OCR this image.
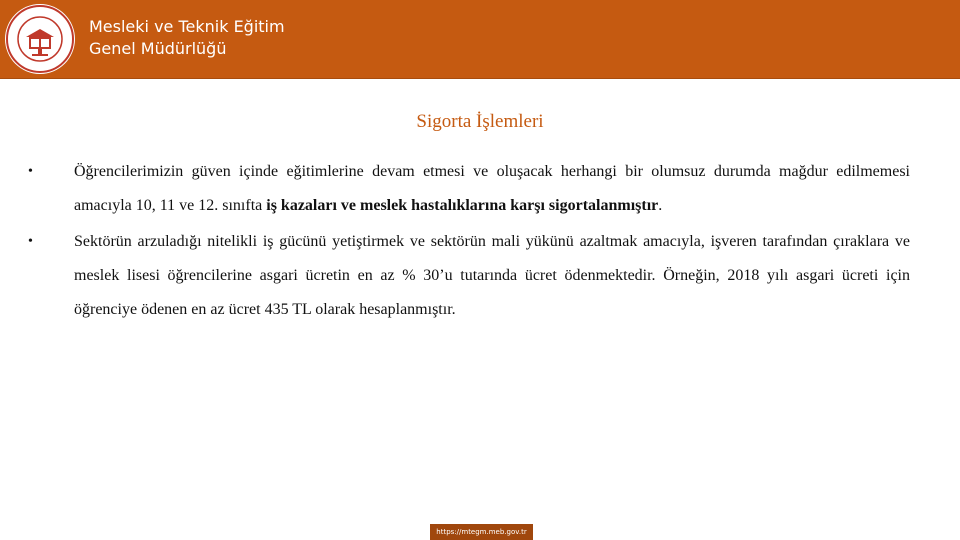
Mesleki ve Teknik Eğitim
Genel Müdürlüğü
Sigorta İşlemleri
•	Öğrencilerimizin güven içinde eğitimlerine devam etmesi ve oluşacak herhangi bir olumsuz durumda mağdur edilmemesi amacıyla 10, 11 ve 12. sınıfta iş kazaları ve meslek hastalıklarına karşı sigortalanmıştır.
•	Sektörün arzuladığı nitelikli iş gücünü yetiştirmek ve sektörün mali yükünü azaltmak amacıyla, işveren tarafından çıraklara ve meslek lisesi öğrencilerine asgari ücretin en az % 30’u tutarında ücret ödenmektedir. Örneğin, 2018 yılı asgari ücreti için öğrenciye ödenen en az ücret 435 TL olarak hesaplanmıştır.
https://mtegm.meb.gov.tr
